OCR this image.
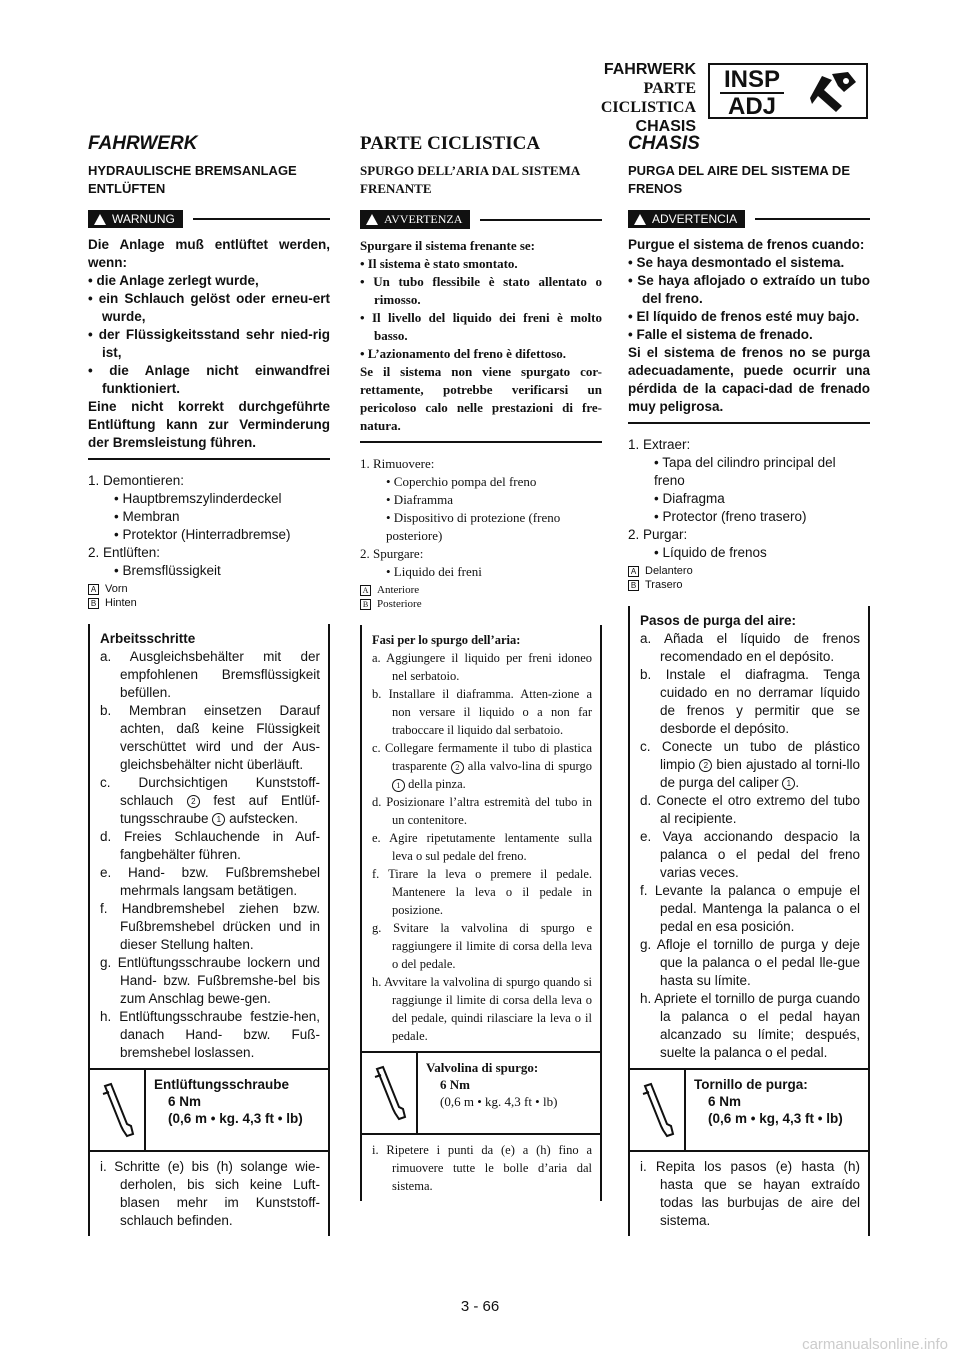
FAHRWERK
PARTE CICLISTICA
CHASIS
INSP
ADJ
FAHRWERK
HYDRAULISCHE BREMSANLAGE ENTLÜFTEN
WARNUNG

Die Anlage muß entlüftet werden, wenn:

• die Anlage zerlegt wurde,

• ein Schlauch gelöst oder erneu-ert wurde,

• der Flüssigkeitsstand sehr nied-rig ist,

• die Anlage nicht einwandfrei funktioniert.

Eine nicht korrekt durchgeführte Entlüftung kann zur Verminderung der Bremsleistung führen.

1. Demontieren:
• Hauptbremszylinderdeckel
• Membran
• Protektor (Hinterradbremse)
2. Entlüften:
• Bremsflüssigkeit
A Vorn
B Hinten
Arbeitsschritte

a. Ausgleichsbehälter mit der empfohlenen Bremsflüssigkeit befüllen.

b. Membran einsetzen Darauf achten, daß keine Flüssigkeit verschüttet wird und der Aus-gleichsbehälter nicht überläuft.

c. Durchsichtigen Kunststoff-schlauch 2 fest auf Entlüf-tungsschraube 1 aufstecken.

d. Freies Schlauchende in Auf-fangbehälter führen.

e. Hand- bzw. Fußbremshebel mehrmals langsam betätigen.

f. Handbremshebel ziehen bzw. Fußbremshebel drücken und in dieser Stellung halten.

g. Entlüftungsschraube lockern und Hand- bzw. Fußbremshe-bel bis zum Anschlag bewe-gen.

h. Entlüftungsschraube festzie-hen, danach Hand- bzw. Fuß-bremshebel loslassen.

Entlüftungsschraube
6 Nm
(0,6 m • kg. 4,3 ft • lb)

i. Schritte (e) bis (h) solange wie-derholen, bis sich keine Luft-blasen mehr im Kunststoff-schlauch befinden.

PARTE CICLISTICA
SPURGO DELL’ARIA DAL SISTEMA FRENANTE
AVVERTENZA

Spurgare il sistema frenante se:

• Il sistema è stato smontato.

• Un tubo flessibile è stato allentato o rimosso.

• Il livello del liquido dei freni è molto basso.

• L’azionamento del freno è difettoso.

Se il sistema non viene spurgato cor-rettamente, potrebbe verificarsi un pericoloso calo nelle prestazioni di fre-natura.

1. Rimuovere:
• Coperchio pompa del freno
• Diaframma
• Dispositivo di protezione (freno posteriore)
2. Spurgare:
• Liquido dei freni
A Anteriore
B Posteriore
Fasi per lo spurgo dell’aria:

a. Aggiungere il liquido per freni idoneo nel serbatoio.

b. Installare il diaframma. Atten-zione a non versare il liquido o a non far traboccare il liquido dal serbatoio.

c. Collegare fermamente il tubo di plastica trasparente 2 alla valvo-lina di spurgo 1 della pinza.

d. Posizionare l’altra estremità del tubo in un contenitore.

e. Agire ripetutamente lentamente sulla leva o sul pedale del freno.

f. Tirare la leva o premere il pedale. Mantenere la leva o il pedale in posizione.

g. Svitare la valvolina di spurgo e raggiungere il limite di corsa della leva o del pedale.

h. Avvitare la valvolina di spurgo quando si raggiunge il limite di corsa della leva o del pedale, quindi rilasciare la leva o il pedale.

Valvolina di spurgo:
6 Nm
(0,6 m • kg. 4,3 ft • lb)

i. Ripetere i punti da (e) a (h) fino a rimuovere tutte le bolle d’aria dal sistema.

CHASIS
PURGA DEL AIRE DEL SISTEMA DE FRENOS
ADVERTENCIA

Purgue el sistema de frenos cuando:

• Se haya desmontado el sistema.

• Se haya aflojado o extraído un tubo del freno.

• El líquido de frenos esté muy bajo.

• Falle el sistema de frenado.

Si el sistema de frenos no se purga adecuadamente, puede ocurrir una pérdida de la capaci-dad de frenado muy peligrosa.

1. Extraer:
• Tapa del cilindro principal del freno
• Diafragma
• Protector (freno trasero)
2. Purgar:
• Líquido de frenos
A Delantero
B Trasero
Pasos de purga del aire:

a. Añada el líquido de frenos recomendado en el depósito.

b. Instale el diafragma. Tenga cuidado en no derramar líquido de frenos y permitir que se desborde el depósito.

c. Conecte un tubo de plástico limpio 2 bien ajustado al torni-llo de purga del caliper 1 .

d. Conecte el otro extremo del tubo al recipiente.

e. Vaya accionando despacio la palanca o el pedal del freno varias veces.

f. Levante la palanca o empuje el pedal. Mantenga la palanca o el pedal en esa posición.

g. Afloje el tornillo de purga y deje que la palanca o el pedal lle-gue hasta su límite.

h. Apriete el tornillo de purga cuando la palanca o el pedal hayan alcanzado su límite; después, suelte la palanca o el pedal.

Tornillo de purga:
6 Nm
(0,6 m • kg, 4,3 ft • lb)

i. Repita los pasos (e) hasta (h) hasta que se hayan extraído todas las burbujas de aire del sistema.

3 - 66
carmanualsonline.info
